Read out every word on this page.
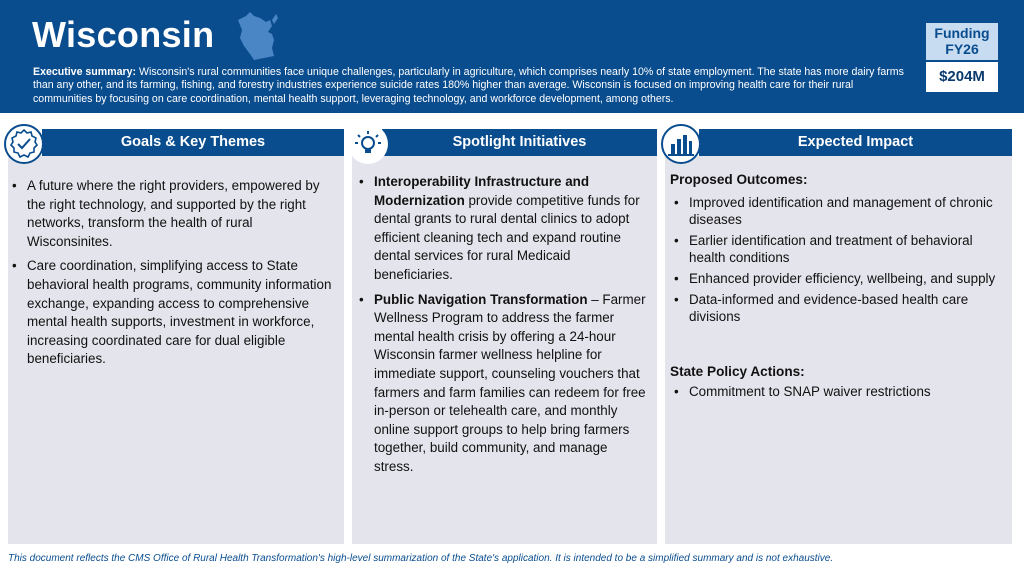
Wisconsin
Executive summary: Wisconsin's rural communities face unique challenges, particularly in agriculture, which comprises nearly 10% of state employment. The state has more dairy farms than any other, and its farming, fishing, and forestry industries experience suicide rates 180% higher than average. Wisconsin is focused on improving health care for their rural communities by focusing on care coordination, mental health support, leveraging technology, and workforce development, among others.
Funding
FY26
$204M
Goals & Key Themes
• A future where the right providers, empowered by the right technology, and supported by the right networks, transform the health of rural Wisconsinites.
• Care coordination, simplifying access to State behavioral health programs, community information exchange, expanding access to comprehensive mental health supports, investment in workforce, increasing coordinated care for dual eligible beneficiaries.
Spotlight Initiatives
• Interoperability Infrastructure and Modernization provide competitive funds for dental grants to rural dental clinics to adopt efficient cleaning tech and expand routine dental services for rural Medicaid beneficiaries.
• Public Navigation Transformation – Farmer Wellness Program to address the farmer mental health crisis by offering a 24-hour Wisconsin farmer wellness helpline for immediate support, counseling vouchers that farmers and farm families can redeem for free in-person or telehealth care, and monthly online support groups to help bring farmers together, build community, and manage stress.
Expected Impact
Proposed Outcomes:
• Improved identification and management of chronic diseases
• Earlier identification and treatment of behavioral health conditions
• Enhanced provider efficiency, wellbeing, and supply
• Data-informed and evidence-based health care divisions
State Policy Actions:
• Commitment to SNAP waiver restrictions
This document reflects the CMS Office of Rural Health Transformation's high-level summarization of the State's application. It is intended to be a simplified summary and is not exhaustive.
